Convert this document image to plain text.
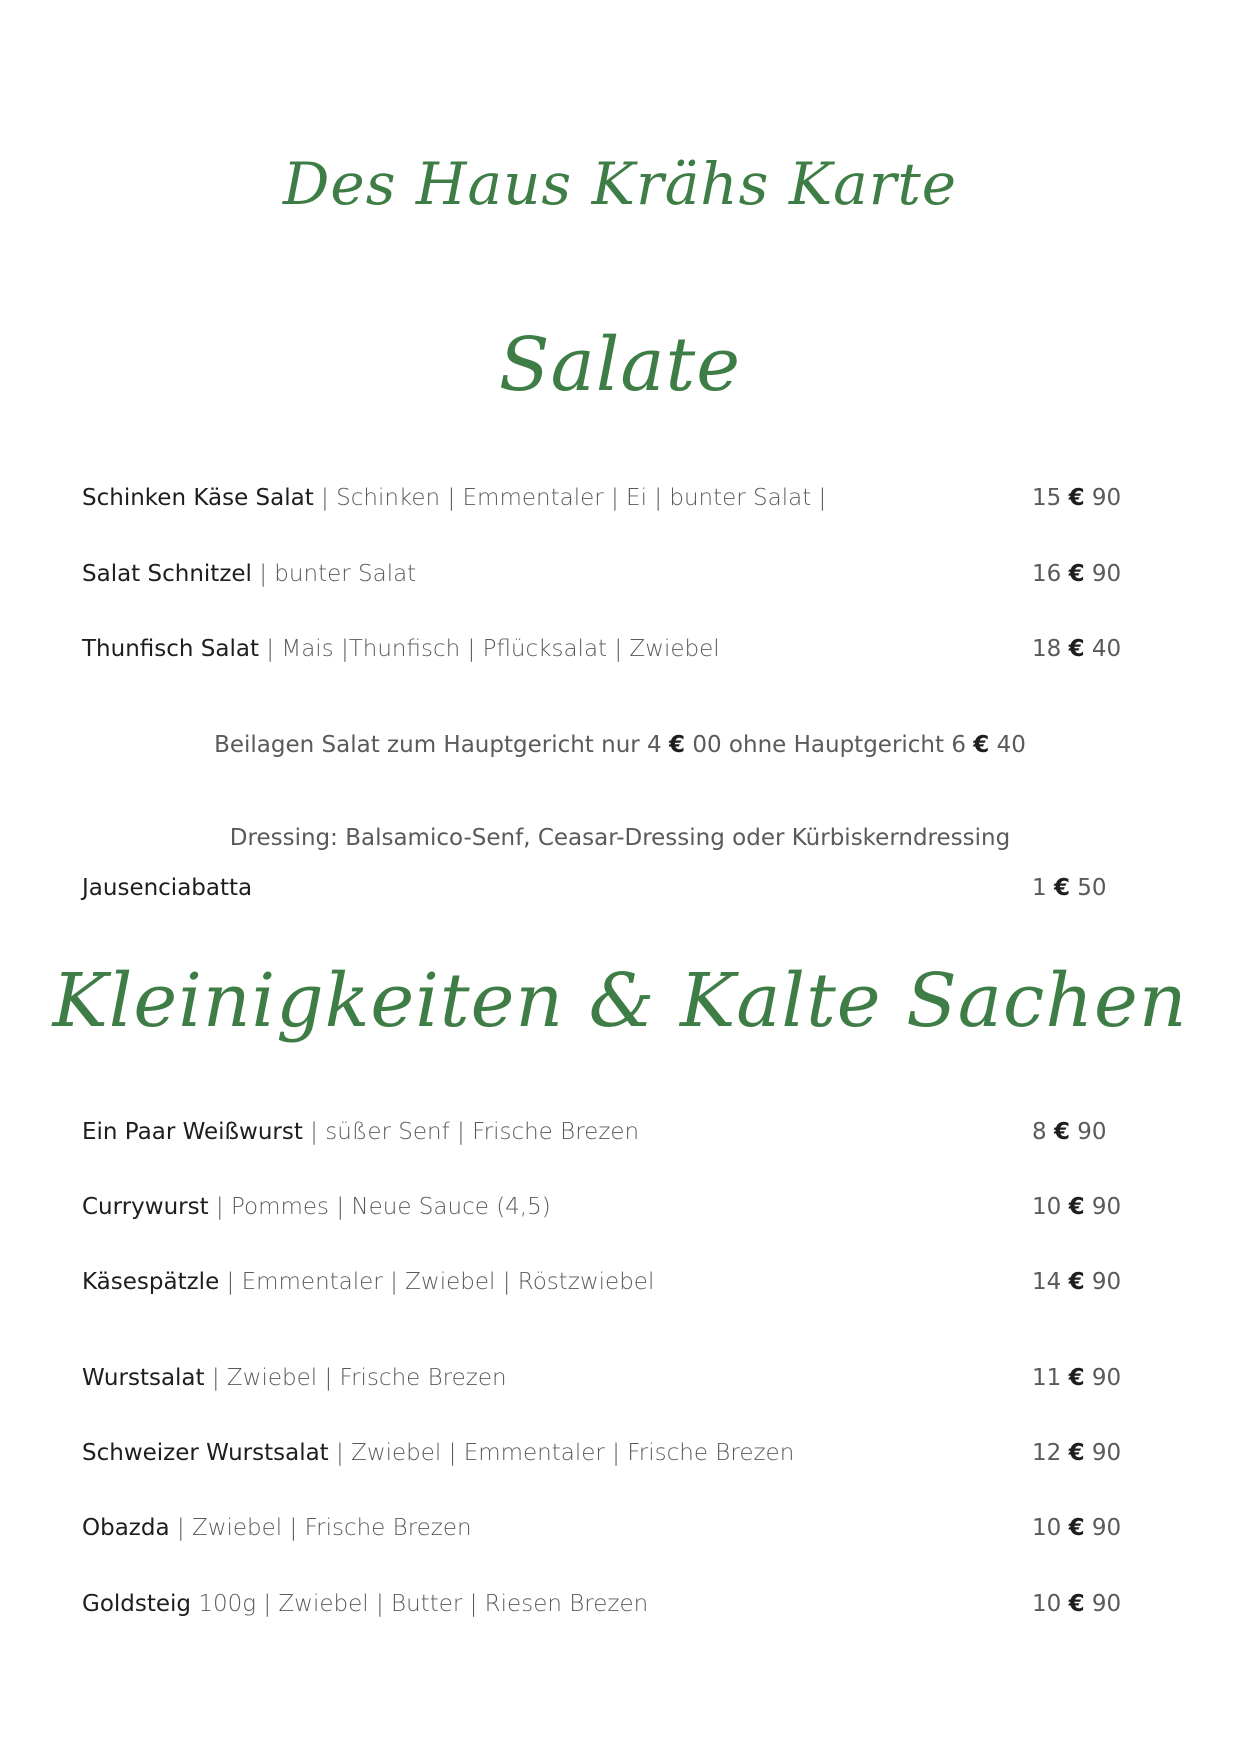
Des Haus Krähs Karte
Salate
Schinken Käse Salat | Schinken | Emmentaler | Ei | bunter Salat |	15 € 90
Salat Schnitzel | bunter Salat	16 € 90
Thunfisch Salat | Mais |Thunfisch | Pflücksalat | Zwiebel	18 € 40
Beilagen Salat zum Hauptgericht nur 4 € 00 ohne Hauptgericht 6 € 40
Dressing: Balsamico-Senf, Ceasar-Dressing oder Kürbiskerndressing
Jausenciabatta	1 € 50
Kleinigkeiten & Kalte Sachen
Ein Paar Weißwurst | süßer Senf | Frische Brezen	8 € 90
Currywurst | Pommes | Neue Sauce (4,5)	10 € 90
Käsespätzle | Emmentaler | Zwiebel | Röstzwiebel	14 € 90
Wurstsalat | Zwiebel | Frische Brezen	11 € 90
Schweizer Wurstsalat | Zwiebel | Emmentaler | Frische Brezen	12 € 90
Obazda | Zwiebel | Frische Brezen	10 € 90
Goldsteig 100g | Zwiebel | Butter | Riesen Brezen	10 € 90
